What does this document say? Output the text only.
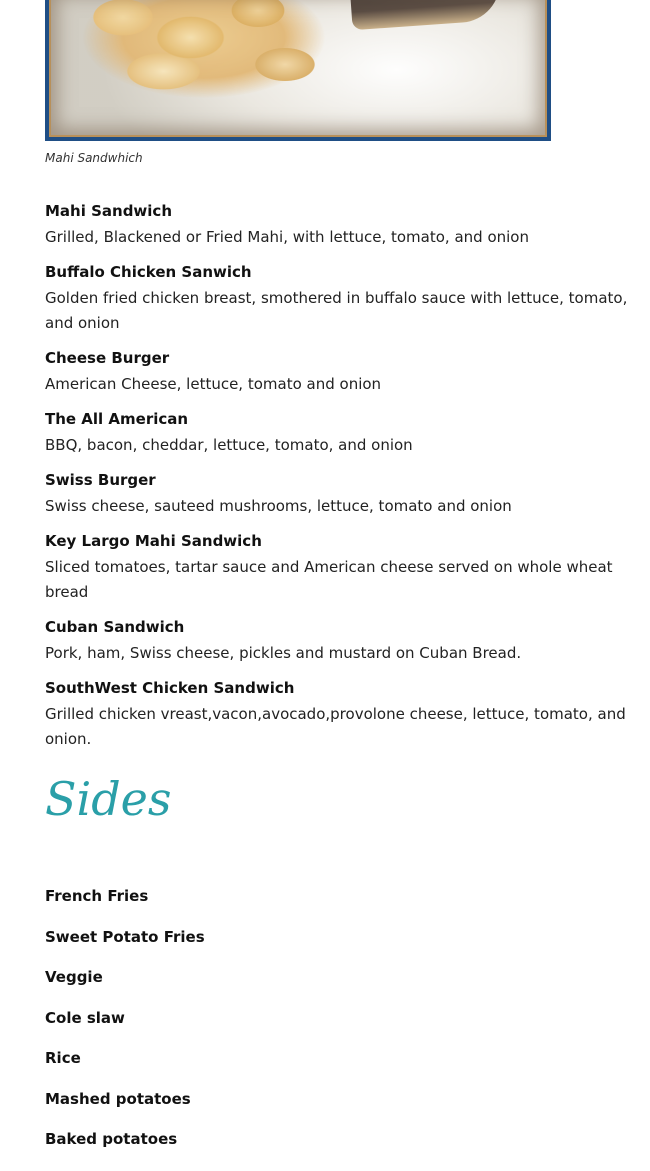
Mahi Sandwhich
Mahi Sandwich
Grilled, Blackened or Fried Mahi, with lettuce, tomato, and onion
Buffalo Chicken Sanwich
Golden fried chicken breast, smothered in buffalo sauce with lettuce, tomato, and onion
Cheese Burger
American Cheese, lettuce, tomato and onion
The All American
BBQ, bacon, cheddar, lettuce, tomato, and onion
Swiss Burger
Swiss cheese, sauteed mushrooms, lettuce, tomato and onion
Key Largo Mahi Sandwich
Sliced tomatoes, tartar sauce and American cheese served on whole wheat bread
Cuban Sandwich
Pork, ham, Swiss cheese, pickles and mustard on Cuban Bread.
SouthWest Chicken Sandwich
Grilled chicken vreast,vacon,avocado,provolone cheese, lettuce, tomato, and onion.
Sides
French Fries
Sweet Potato Fries
Veggie
Cole slaw
Rice
Mashed potatoes
Baked potatoes
